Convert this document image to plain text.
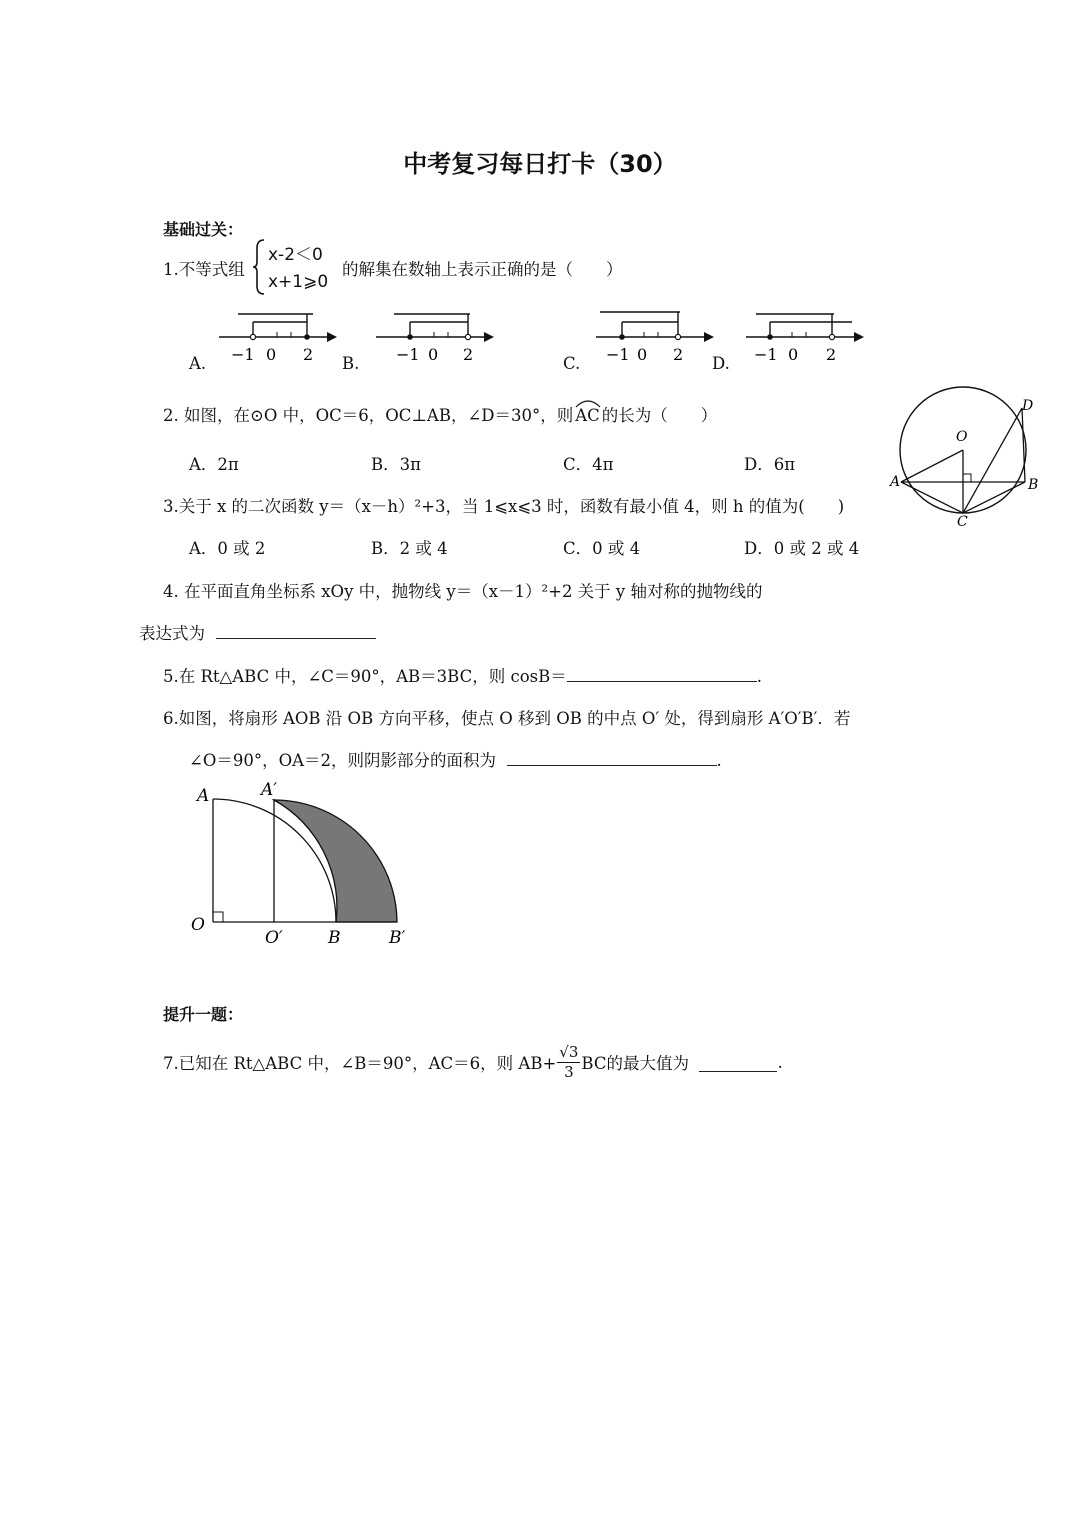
中考复习每日打卡（30）
基础过关：
1.不等式组
x-2＜0
x+1⩾0
的解集在数轴上表示正确的是（　　）
A.	B.	C.	D.
−1 0 2	−1 0 2	−1 0 2	−1 0 2
2. 如图，在⊙O 中，OC＝6，OC⊥AB，∠D＝30°，则 AC 的长为（　　）
A．2π	B．3π	C．4π	D．6π
A	B
C
D
O
3.关于 x 的二次函数 y＝（x－h）²+3，当 1⩽x⩽3 时，函数有最小值 4，则 h 的值为(　　)
A．0 或 2	B．2 或 4	C．0 或 4	D．0 或 2 或 4
4. 在平面直角坐标系 xOy 中，抛物线 y＝（x－1）²+2 关于 y 轴对称的抛物线的
表达式为
5.在 Rt△ABC 中，∠C＝90°，AB＝3BC，则 cosB＝	.
6.如图，将扇形 AOB 沿 OB 方向平移，使点 O 移到 OB 的中点 O′ 处，得到扇形 A′O′B′．若
∠O＝90°，OA＝2，则阴影部分的面积为	.
A	A′
O
O′	B	B′
提升一题：
7.已知在 Rt△ABC 中，∠B＝90°，AC＝6，则 $AB+ \frac{√3}{3}$ BC的最大值为
	.
